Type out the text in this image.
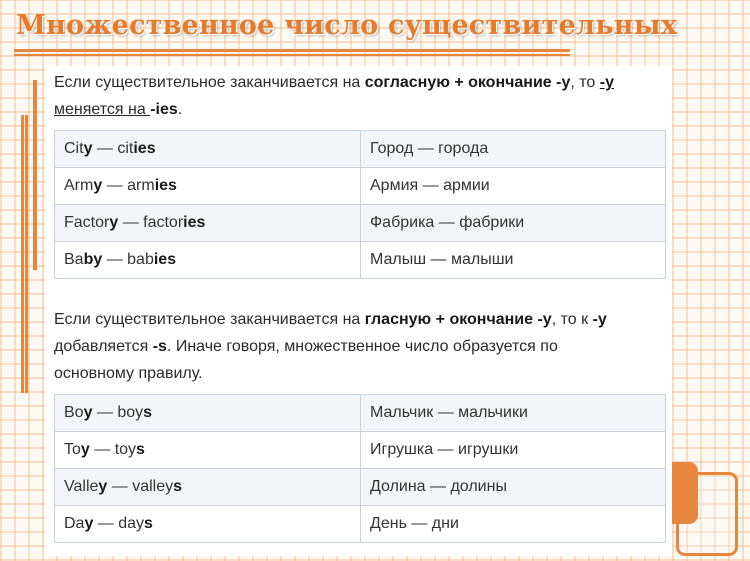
Множественное число существительных

Если существительное заканчивается на согласную + окончание -y, то -y
меняется на -ies.

City — cities	Город — города
Army — armies	Армия — армии
Factory — factories	Фабрика — фабрики
Baby — babies	Малыш — малыши

Если существительное заканчивается на гласную + окончание -y, то к -y добавляется -s. Иначе говоря, множественное число образуется по основному правилу.

Boy — boys	Мальчик — мальчики
Toy — toys	Игрушка — игрушки
Valley — valleys	Долина — долины
Day — days	День — дни
